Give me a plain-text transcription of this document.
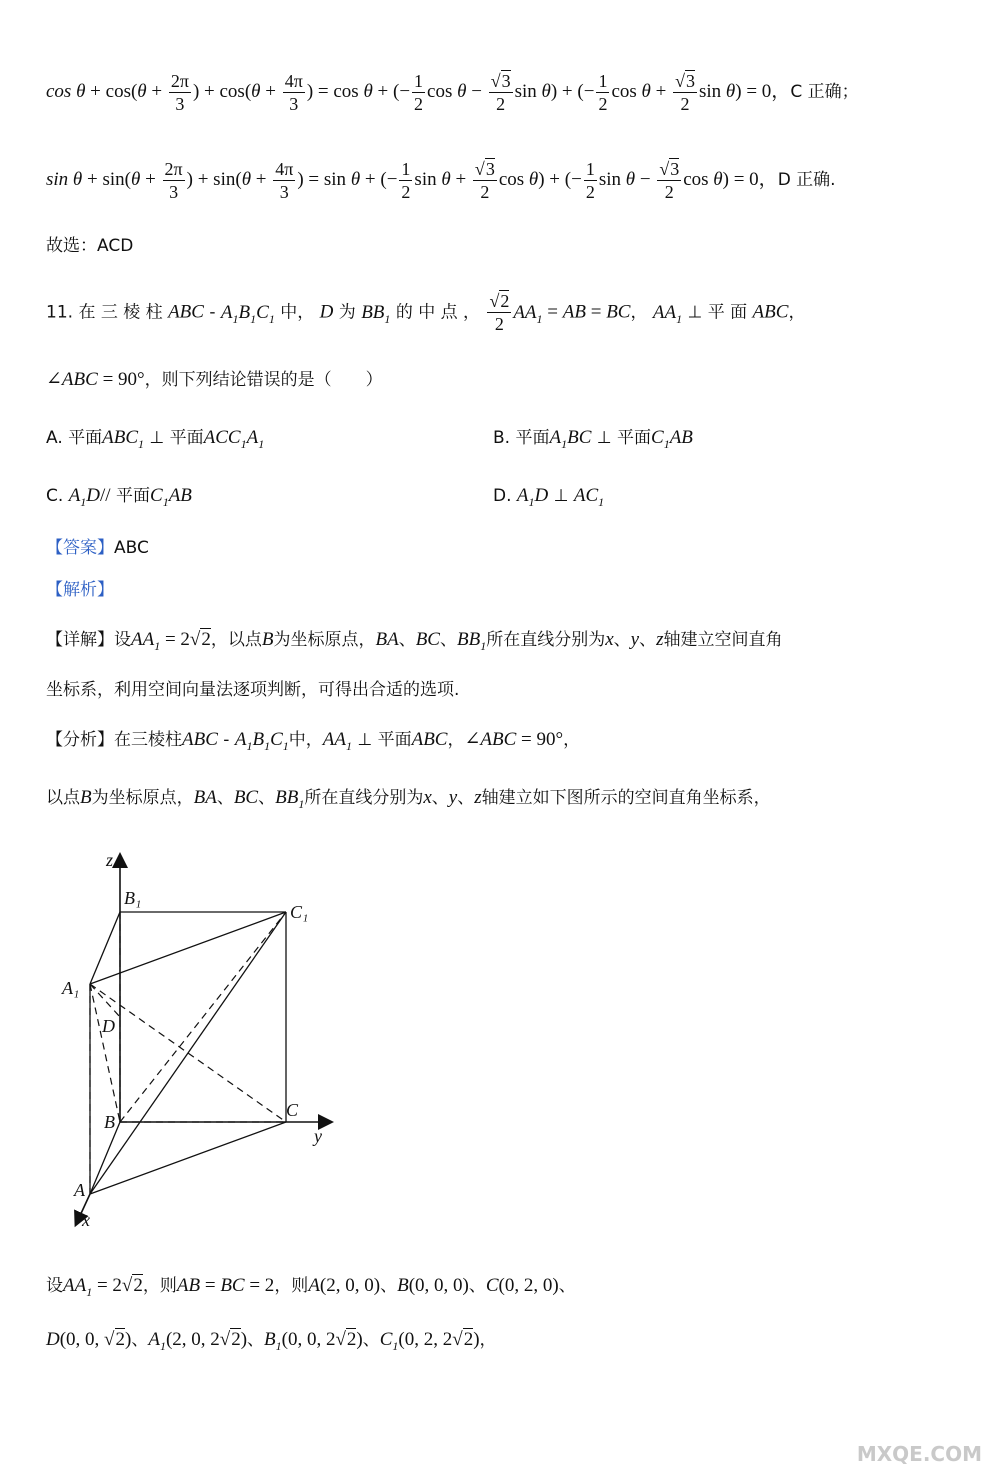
$\cos \theta + \cos(\theta + \frac{2\pi}{3}$ ) + $\cos(\theta + \frac{4\pi}{3}$ ) = cos θ + (− $\frac{1}{2}$ $\cos \theta - \frac{√3}{2}$ sin θ) + (− $\frac{1}{2}$ $\cos \theta + \frac{√3}{2}$ sin θ) = 0，C 正确；
$\sin \theta + \sin(\theta + \frac{2\pi}{3}$ ) + $\sin(\theta + \frac{4\pi}{3}$ ) = sin θ + (− $\frac{1}{2}$ $\sin \theta + \frac{√3}{2}$ cos θ) + (− $\frac{1}{2}$ $\sin \theta - \frac{√3}{2}$ cos θ) = 0，D 正确.
故选：ACD
11. 在 三 棱 柱 ABC - $A_1B_1C_1$ 中， D 为 $BB_1$ 的 中 点 ， $\frac{√2}{2} AA_1$ = AB = BC， $AA_1$ ⊥ 平 面 ABC，
∠ABC = 90°，则下列结论错误的是（　　）
A. 平面$ABC_1$ ⊥ 平面$ACC_1A_1$	B. 平面$A_1BC$ ⊥ 平面$C_1AB$
C. $A_1D//$ 平面$C_1AB$	D. $A_1D$ ⊥ $AC_1$
【答案】ABC
【解析】
【详解】设$AA_1 = 2√2$，以点B为坐标原点，BA、BC、$BB_1$所在直线分别为x、y、z轴建立空间直角
坐标系，利用空间向量法逐项判断，可得出合适的选项.
【分析】在三棱柱ABC - $A_1B_1C_1$中，$AA_1$ ⊥ 平面ABC，∠ABC = 90°，
以点B为坐标原点，BA、BC、$BB_1$所在直线分别为x、y、z轴建立如下图所示的空间直角坐标系，
z
B₁
C₁
A₁
D
B
C
y
A
x
设$AA_1 = 2√2$，则AB = BC = 2，则A(2, 0, 0)、B(0, 0, 0)、C(0, 2, 0)、
D(0, 0, √2)、$A_1(2$, 0, 2√2)、$B_1(0$, 0, 2√2)、$C_1(0$, 2, 2√2)，
MXQE.COM
